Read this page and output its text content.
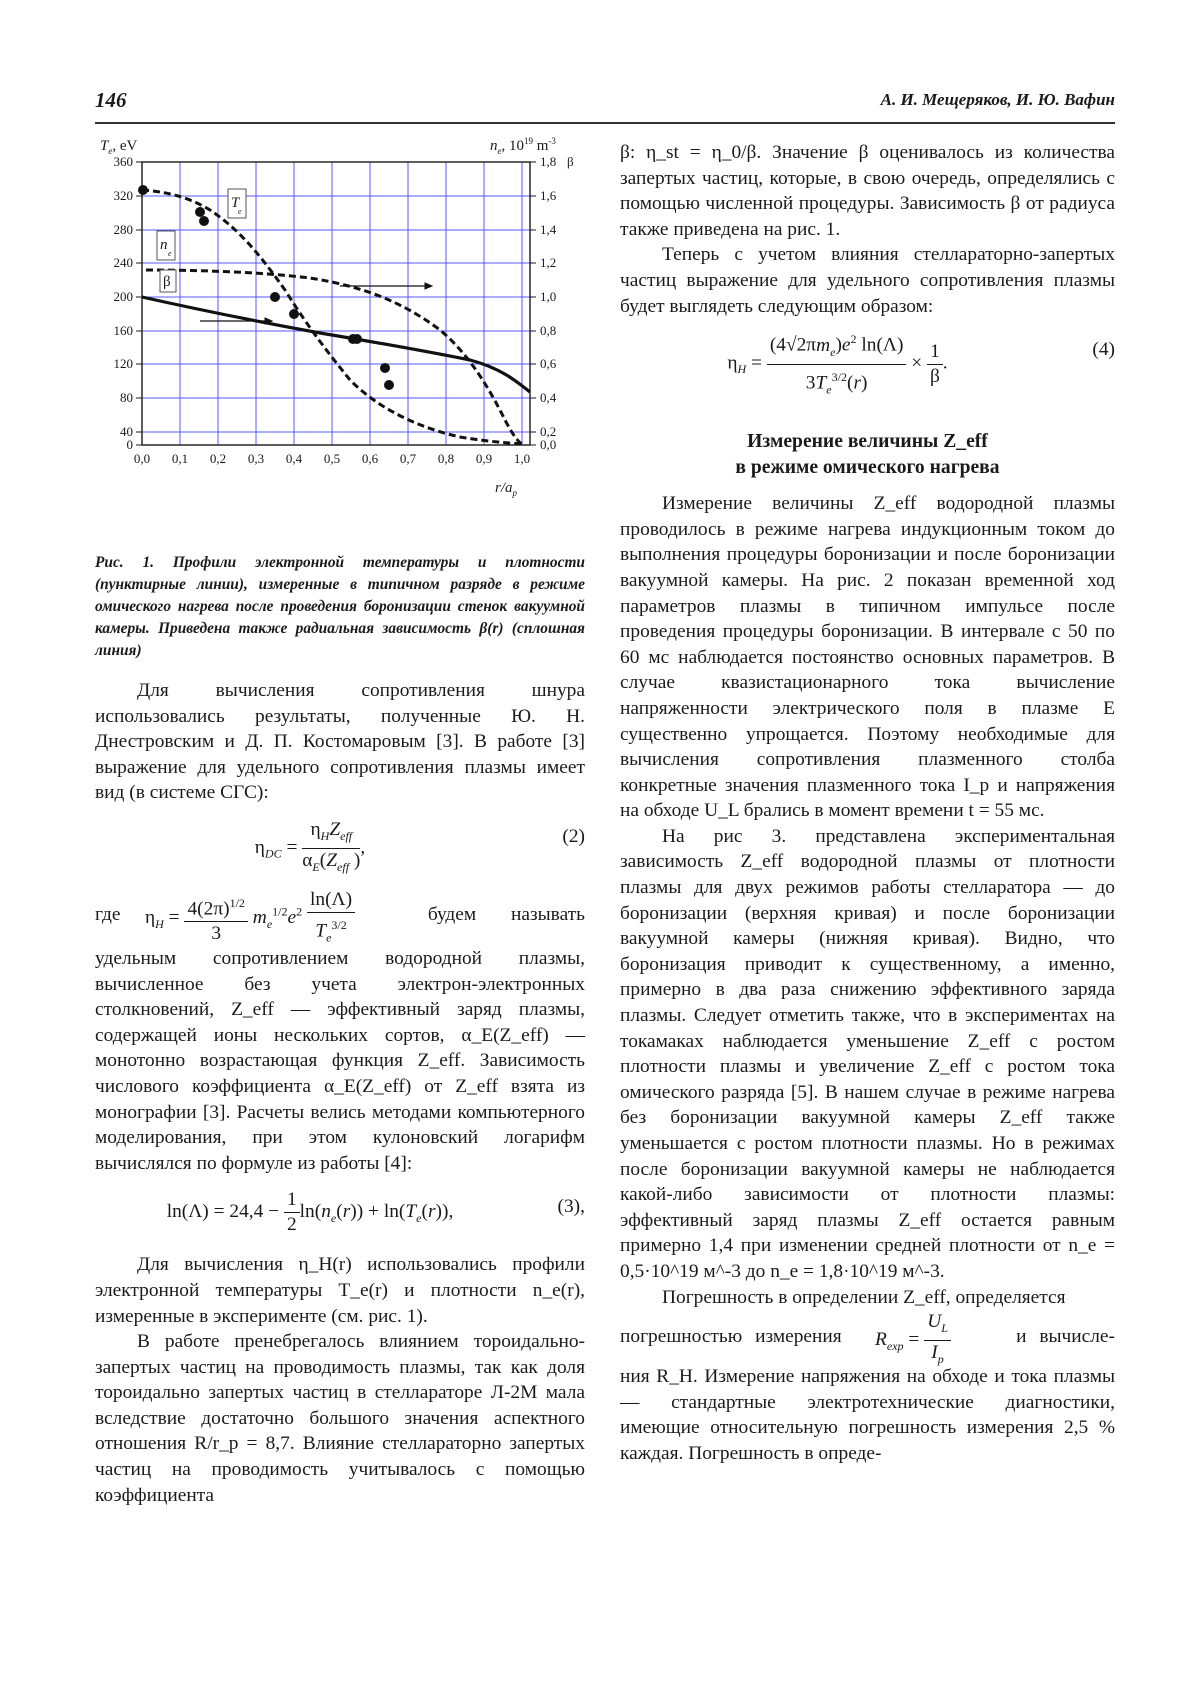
146	А. И. Мещеряков, И. Ю. Вафин
360
320
280
240
200
160
120
80
40
0
1,8
1,6
1,4
1,2
1,0
0,8
0,6
0,4
0,2
0,0
β
0,0 0,1 0,2 0,3 0,4 0,5 0,6 0,7 0,8 0,9 1,0
$T_e$, eV	$n_e$, $10^{19}$ $m^{-3}$
$r/a_p$
T
e
n
e
β
Рис. 1. Профили электронной температуры и плотности (пунктирные линии), измеренные в типичном разряде в режиме омического нагрева после проведения боронизации стенок вакуумной камеры. Приведена также радиальная зависимость β(r) (сплошная линия)

Для вычисления сопротивления шнура использовались результаты, полученные Ю. Н. Днестровским и Д. П. Костомаровым [3]. В работе [3] выражение для удельного сопротивления плазмы имеет вид (в системе СГС):

$\eta_{DC} = \frac{\eta_HZ_{eff}}{\alpha_E(Z_{eff} )}$ ,
(2)
где $\eta_H = \frac{4(2\pi)^{1/2}}{3} m_e^{1/2}e^2 \frac{\ln(\Lambda)}{T_e^{3/2}}$	будем называть

удельным сопротивлением водородной плазмы, вычисленное без учета электрон-электронных столкновений, Z_eff — эффективный заряд плазмы, содержащей ионы нескольких сортов, α_E(Z_eff) — монотонно возрастающая функция Z_eff. Зависимость числового коэффициента α_E(Z_eff) от Z_eff взята из монографии [3]. Расчеты велись методами компьютерного моделирования, при этом кулоновский логарифм вычислялся по формуле из работы [4]:

$\ln(\Lambda) = 24,4 - \frac{1}{2} \ln(n_e(r)) + \ln(T_e(r))$,	(3),

Для вычисления η_H(r) использовались профили электронной температуры T_e(r) и плотности n_e(r), измеренные в эксперименте (см. рис. 1).

В работе пренебрегалось влиянием тороидально-запертых частиц на проводимость плазмы, так как доля тороидально запертых частиц в стеллараторе Л-2М мала вследствие достаточно большого значения аспектного отношения R/r_p = 8,7. Влияние стеллараторно запертых частиц на проводимость учитывалось с помощью коэффициента

β: η_st = η_0/β. Значение β оценивалось из количества запертых частиц, которые, в свою очередь, определялись с помощью численной процедуры. Зависимость β от радиуса также приведена на рис. 1.

Теперь с учетом влияния стеллараторно-запертых частиц выражение для удельного сопротивления плазмы будет выглядеть следующим образом:

$\eta_H = \frac{(4√2\pi m_e)e^2 \ln(\Lambda)}{3T_e^{3/2}(r)} \times \frac{1}{\beta}$ .
(4)

Измерение величины Z_eff

в режиме омического нагрева

Измерение величины Z_eff водородной плазмы проводилось в режиме нагрева индукционным током до выполнения процедуры боронизации и после боронизации вакуумной камеры. На рис. 2 показан временной ход параметров плазмы в типичном импульсе после проведения процедуры боронизации. В интервале с 50 по 60 мс наблюдается постоянство основных параметров. В случае квазистационарного тока вычисление напряженности электрического поля в плазме E существенно упрощается. Поэтому необходимые для вычисления сопротивления плазменного столба конкретные значения плазменного тока I_p и напряжения на обходе U_L брались в момент времени t = 55 мс.

На рис 3. представлена экспериментальная зависимость Z_eff водородной плазмы от плотности плазмы для двух режимов работы стелларатора — до боронизации (верхняя кривая) и после боронизации вакуумной камеры (нижняя кривая). Видно, что боронизация приводит к существенному, а именно, примерно в два раза снижению эффективного заряда плазмы. Следует отметить также, что в экспериментах на токамаках наблюдается уменьшение Z_eff с ростом плотности плазмы и увеличение Z_eff с ростом тока омического разряда [5]. В нашем случае в режиме нагрева без боронизации вакуумной камеры Z_eff также уменьшается с ростом плотности плазмы. Но в режимах после боронизации вакуумной камеры не наблюдается какой-либо зависимости от плотности плазмы: эффективный заряд плазмы Z_eff остается равным примерно 1,4 при изменении средней плотности от n_e = 0,5·10^19 м^-3 до n_e = 1,8·10^19 м^-3.

Погрешность в определении Z_eff, определяется

погрешностью измерения $R_{exp} = \frac{U_L}{I_p}$	и вычисле-

ния R_H. Измерение напряжения на обходе и тока плазмы — стандартные электротехнические диагностики, имеющие относительную погрешность измерения 2,5 % каждая. Погрешность в опреде-
